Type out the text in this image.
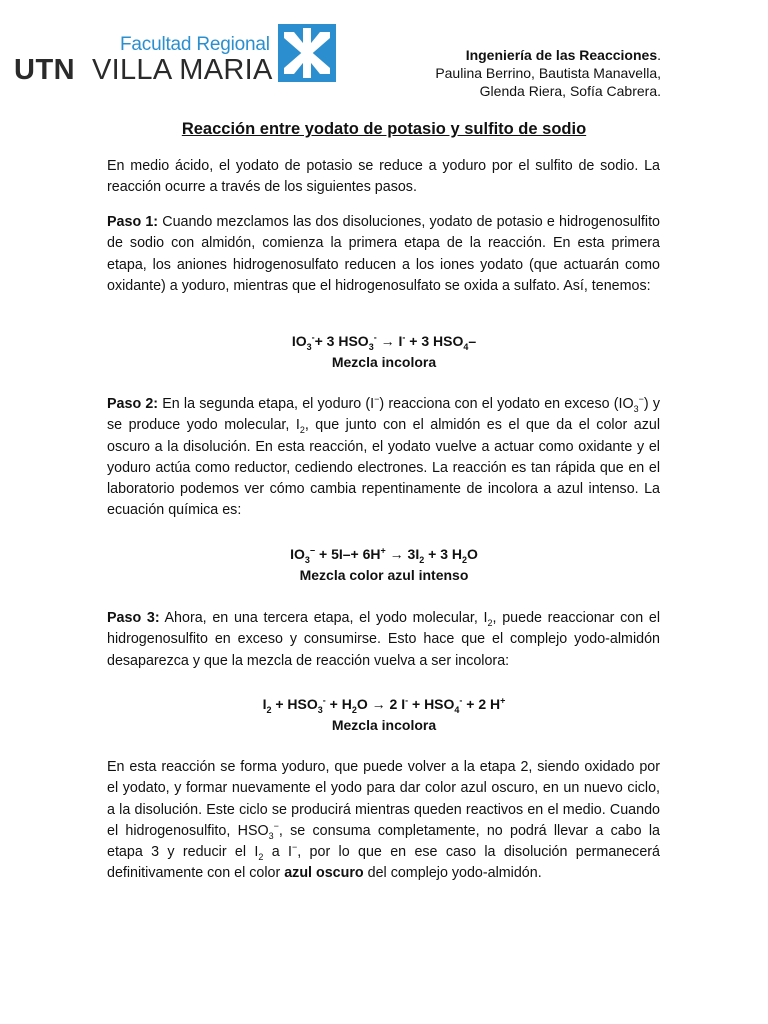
Facultad Regional
UTN VILLA MARIA	Ingeniería de las Reacciones.
Paulina Berrino, Bautista Manavella,
Glenda Riera, Sofía Cabrera.
Reacción entre yodato de potasio y sulfito de sodio
En medio ácido, el yodato de potasio se reduce a yoduro por el sulfito de sodio. La reacción ocurre a través de los siguientes pasos.
Paso 1: Cuando mezclamos las dos disoluciones, yodato de potasio e hidrogenosulfito de sodio con almidón, comienza la primera etapa de la reacción. En esta primera etapa, los aniones hidrogenosulfato reducen a los iones yodato (que actuarán como oxidante) a yoduro, mientras que el hidrogenosulfato se oxida a sulfato. Así, tenemos:
$IO_3^-+ 3$ $HSO_3^- \to I^- + 3$ $HSO_4-$
Mezcla incolora
Paso 2: En la segunda etapa, el yoduro (I−) reacciona con el yodato en exceso $(IO_3^-)$ y se produce yodo molecular, $I_2$, que junto con el almidón es el que da el color azul oscuro a la disolución. En esta reacción, el yodato vuelve a actuar como oxidante y el yoduro actúa como reductor, cediendo electrones. La reacción es tan rápida que en el laboratorio podemos ver cómo cambia repentinamente de incolora a azul intenso. La ecuación química es:
$IO_3^- + 5I-+ 6H^+ \to 3I_2 + 3$ $H_2O$
Mezcla color azul intenso
Paso 3: Ahora, en una tercera etapa, el yodo molecular, $I_2$, puede reaccionar con el hidrogenosulfito en exceso y consumirse. Esto hace que el complejo yodo-almidón desaparezca y que la mezcla de reacción vuelva a ser incolora:
$I_2 + HSO_3^- + H_2O \to 2$ $I^- + HSO_4^- + 2$ H+
Mezcla incolora
En esta reacción se forma yoduro, que puede volver a la etapa 2, siendo oxidado por el yodato, y formar nuevamente el yodo para dar color azul oscuro, en un nuevo ciclo, a la disolución. Este ciclo se producirá mientras queden reactivos en el medio. Cuando el hidrogenosulfito, $HSO_3^-$, se consuma completamente, no podrá llevar a cabo la etapa 3 y reducir el $I_2$ a I−, por lo que en ese caso la disolución permanecerá definitivamente con el color azul oscuro del complejo yodo-almidón.
